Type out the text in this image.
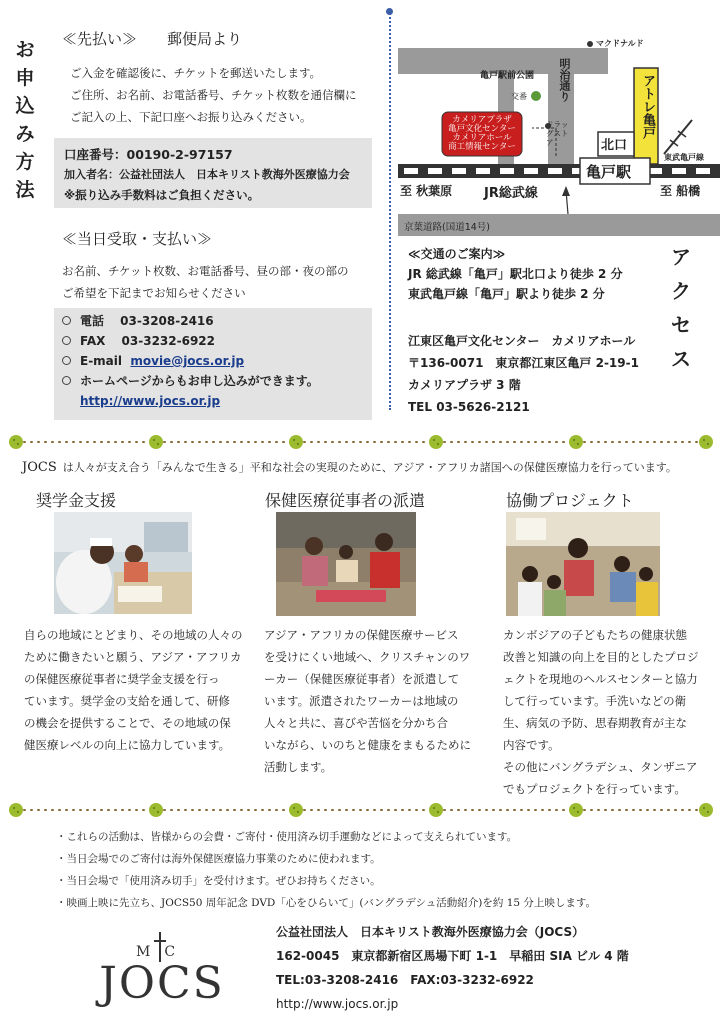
お
申
込
み
方
法
≪先払い≫　　郵便局より
ご入金を確認後に、チケットを郵送いたします。
ご住所、お名前、お電話番号、チケット枚数を通信欄に
ご記入の上、下記口座へお振り込みください。
口座番号：00190-2-97157
加入者名：公益社団法人　日本キリスト教海外医療協力会
※振り込み手数料はご負担ください。
≪当日受取・支払い≫
お名前、チケット枚数、お電話番号、昼の部・夜の部の
ご希望を下記までお知らせください
電話　 03-3208-2416
FAX　 03-3232-6922
E-mail movie@jocs.or.jp
ホームページからもお申し込みができます。
http://www.jocs.or.jp
明治通り
マクドナルド
亀戸駅前公園
交番
カメリアプラザ
亀戸文化センター
カメリアホール
商工情報センター
ドラッグストア
アトレ亀戸
北口
東武亀戸線
亀戸駅
至 秋葉原 JR総武線	至 船橋
京葉道路(国道14号)
≪交通のご案内≫
JR 総武線「亀戸」駅北口より徒歩 2 分
東武亀戸線「亀戸」駅より徒歩 2 分
江東区亀戸文化センター　カメリアホール
〒136-0071　東京都江東区亀戸 2-19-1
カメリアプラザ 3 階
TEL 03-5626-2121
ア
ク
セ
ス
JOCS は人々が支え合う「みんなで生きる」平和な社会の実現のために、アジア・アフリカ諸国への保健医療協力を行っています。
奨学金支援	保健医療従事者の派遣	協働プロジェクト
自らの地域にとどまり、その地域の人々の
ために働きたいと願う、アジア・アフリカ
の保健医療従事者に奨学金支援を行っ
ています。奨学金の支給を通して、研修
の機会を提供することで、その地域の保
健医療レベルの向上に協力しています。
アジア・アフリカの保健医療サービス
を受けにくい地域へ、クリスチャンのワ
ーカー（保健医療従事者）を派遣して
います。派遣されたワーカーは地域の
人々と共に、喜びや苦悩を分かち合
いながら、いのちと健康をまもるために
活動します。
カンボジアの子どもたちの健康状態
改善と知識の向上を目的としたプロジ
ェクトを現地のヘルスセンターと協力
して行っています。手洗いなどの衛
生、病気の予防、思春期教育が主な
内容です。
その他にバングラデシュ、タンザニア
でもプロジェクトを行っています。
・これらの活動は、皆様からの会費・ご寄付・使用済み切手運動などによって支えられています。
・当日会場でのご寄付は海外保健医療協力事業のために使われます。
・当日会場で「使用済み切手」を受付けます。ぜひお持ちください。
・映画上映に先立ち、JOCS50 周年記念 DVD「心をひらいて」(バングラデシュ活動紹介)を約 15 分上映します。
MC
JOCS
公益社団法人　日本キリスト教海外医療協力会（JOCS）
162-0045　東京都新宿区馬場下町 1-1　早稲田 SIA ビル 4 階
TEL:03-3208-2416　FAX:03-3232-6922
http://www.jocs.or.jp
